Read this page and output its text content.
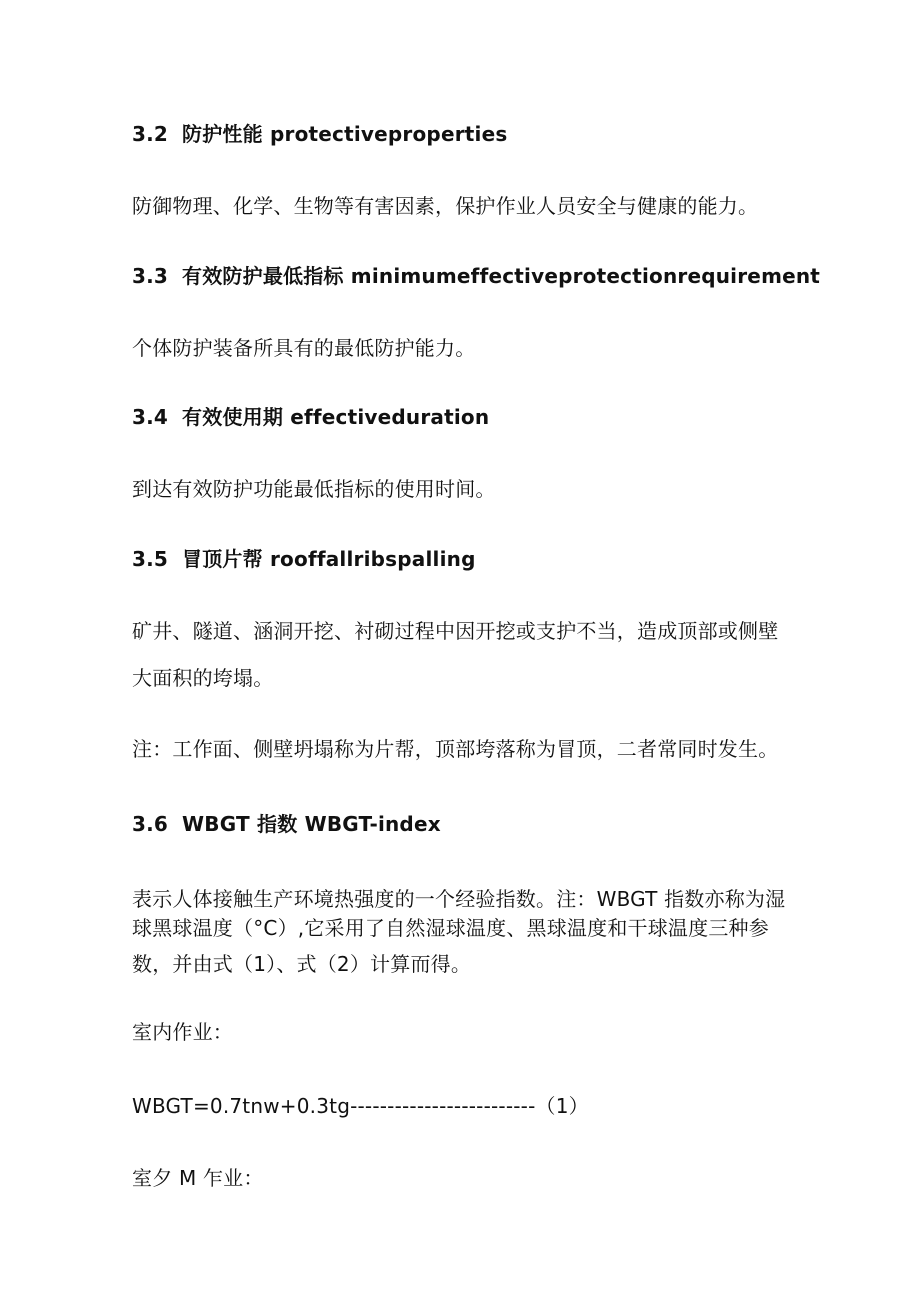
3.2 防护性能 protectiveproperties
防御物理、化学、生物等有害因素，保护作业人员安全与健康的能力。
3.3 有效防护最低指标 minimumeffectiveprotectionrequirement
个体防护装备所具有的最低防护能力。
3.4 有效使用期 effectiveduration
到达有效防护功能最低指标的使用时间。
3.5 冒顶片帮 rooffallribspalling
矿井、隧道、涵洞开挖、衬砌过程中因开挖或支护不当，造成顶部或侧壁
大面积的垮塌。
注：工作面、侧壁坍塌称为片帮，顶部垮落称为冒顶，二者常同时发生。
3.6 WBGT 指数 WBGT-index
表示人体接触生产环境热强度的一个经验指数。注：WBGT 指数亦称为湿
球黑球温度（°C）,它采用了自然湿球温度、黑球温度和干球温度三种参
数，并由式（1）、式（2）计算而得。
室内作业：
WBGT=0.7tnw+0.3tg-------------------------（1）
室夕 M 乍业：
